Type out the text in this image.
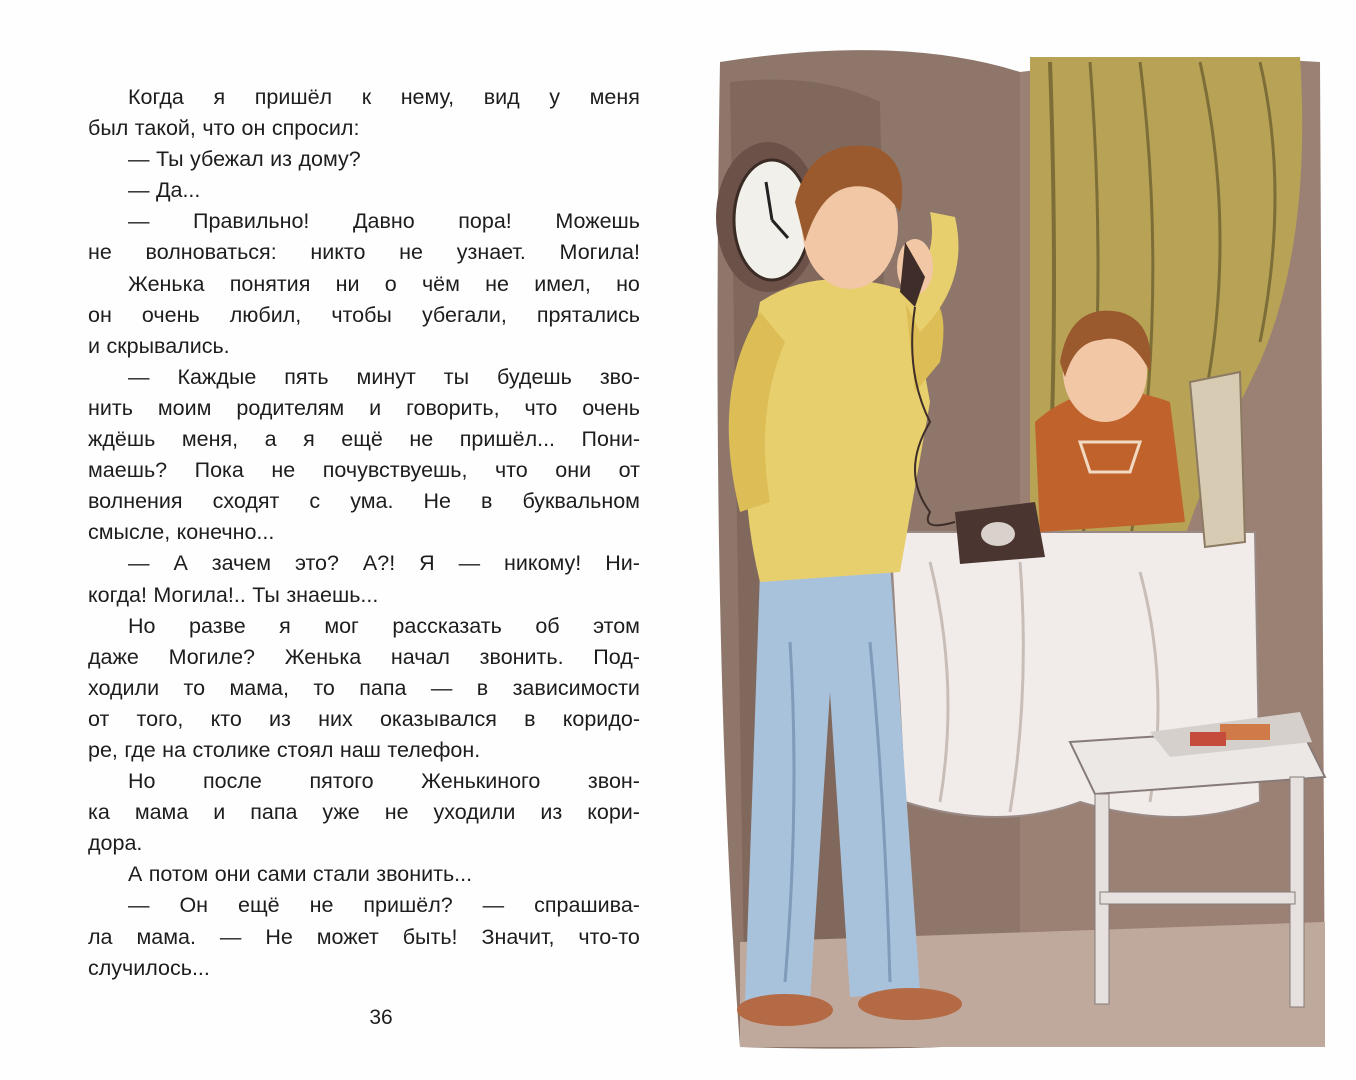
Когда я пришёл к нему, вид у меня
был такой, что он спросил:
— Ты убежал из дому?
— Да...
— Правильно! Давно пора! Можешь
не волноваться: никто не узнает. Могила!
Женька понятия ни о чём не имел, но
он очень любил, чтобы убегали, прятались
и скрывались.
— Каждые пять минут ты будешь зво-
нить моим родителям и говорить, что очень
ждёшь меня, а я ещё не пришёл... Пони-
маешь? Пока не почувствуешь, что они от
волнения сходят с ума. Не в буквальном
смысле, конечно...
— А зачем это? А?! Я — никому! Ни-
когда! Могила!.. Ты знаешь...
Но разве я мог рассказать об этом
даже Могиле? Женька начал звонить. Под-
ходили то мама, то папа — в зависимости
от того, кто из них оказывался в коридо-
ре, где на столике стоял наш телефон.
Но после пятого Женькиного звон-
ка мама и папа уже не уходили из кори-
дора.
А потом они сами стали звонить...
— Он ещё не пришёл? — спрашива-
ла мама. — Не может быть! Значит, что-то
случилось...
36
